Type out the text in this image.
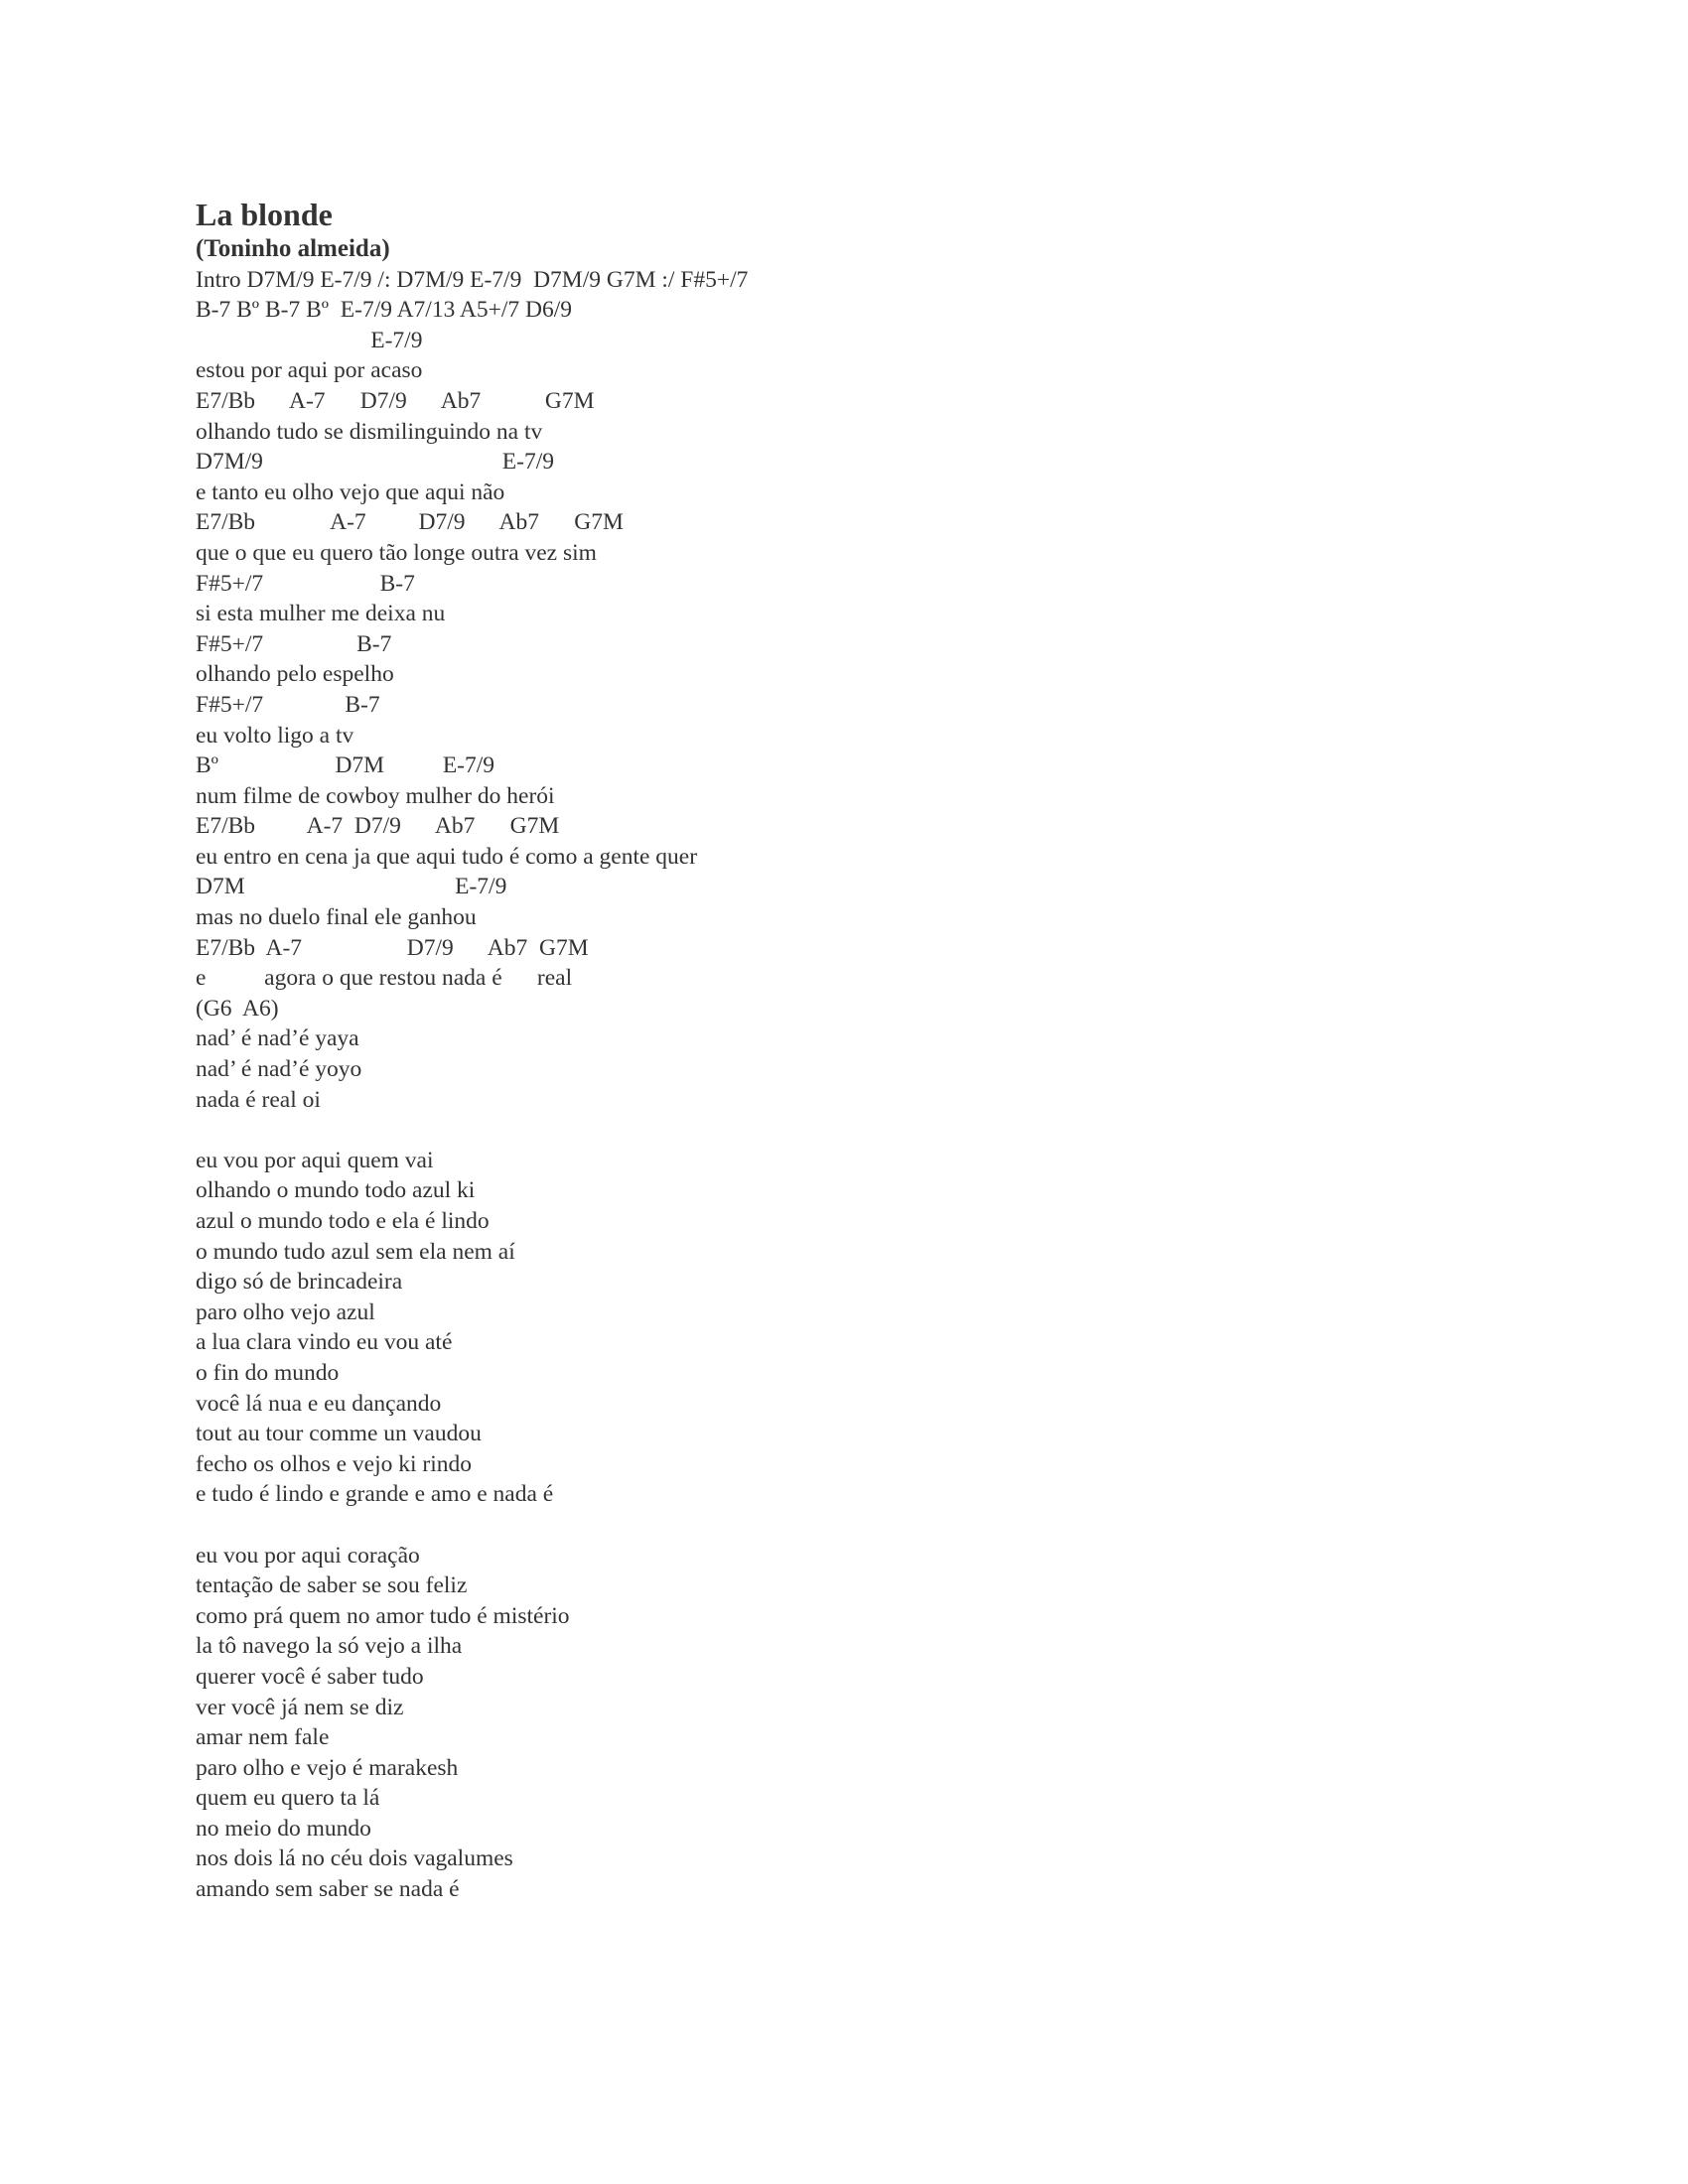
La blonde
(Toninho almeida)
Intro D7M/9 E-7/9 /: D7M/9 E-7/9  D7M/9 G7M :/ F#5+/7
B-7 Bº B-7 Bº  E-7/9 A7/13 A5+/7 D6/9
E-7/9
estou por aqui por acaso
E7/Bb      A-7      D7/9      Ab7           G7M
olhando tudo se dismilinguindo na tv
D7M/9                                         E-7/9
e tanto eu olho vejo que aqui não
E7/Bb             A-7         D7/9      Ab7      G7M
que o que eu quero tão longe outra vez sim
F#5+/7                    B-7
si esta mulher me deixa nu
F#5+/7                B-7
olhando pelo espelho
F#5+/7              B-7
eu volto ligo a tv
Bº                    D7M          E-7/9
num filme de cowboy mulher do herói
E7/Bb         A-7  D7/9      Ab7      G7M
eu entro en cena ja que aqui tudo é como a gente quer
D7M                                    E-7/9
mas no duelo final ele ganhou
E7/Bb  A-7                  D7/9      Ab7  G7M
e          agora o que restou nada é      real
(G6  A6)
nad’ é nad’é yaya
nad’ é nad’é yoyo
nada é real oi
eu vou por aqui quem vai
olhando o mundo todo azul ki
azul o mundo todo e ela é lindo
o mundo tudo azul sem ela nem aí
digo só de brincadeira
paro olho vejo azul
a lua clara vindo eu vou até
o fin do mundo
você lá nua e eu dançando
tout au tour comme un vaudou
fecho os olhos e vejo ki rindo
e tudo é lindo e grande e amo e nada é
eu vou por aqui coração
tentação de saber se sou feliz
como prá quem no amor tudo é mistério
la tô navego la só vejo a ilha
querer você é saber tudo
ver você já nem se diz
amar nem fale
paro olho e vejo é marakesh
quem eu quero ta lá
no meio do mundo
nos dois lá no céu dois vagalumes
amando sem saber se nada é
